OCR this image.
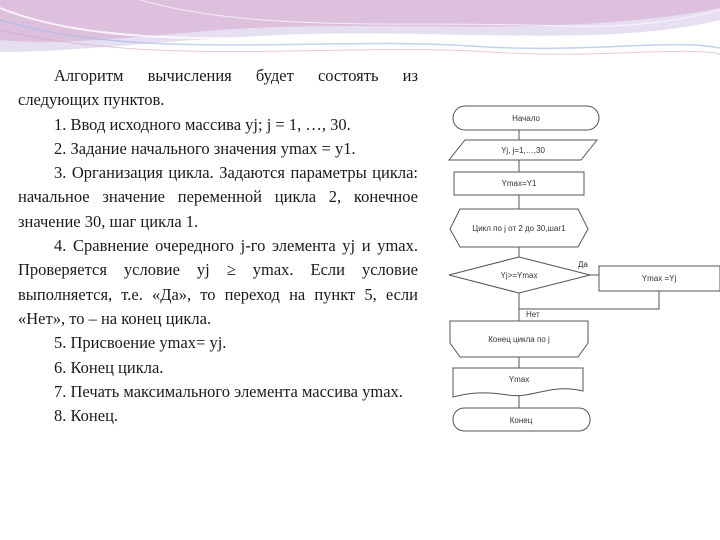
Алгоритм вычисления будет состоять из следующих пунктов.

1. Ввод исходного массива yj; j = 1, …, 30.

2. Задание начального значения ymax = y1.

3. Организация цикла. Задаются параметры цикла: начальное значение переменной цикла 2, конечное значение 30, шаг цикла 1.

4. Сравнение очередного j-го элемента yj и ymax. Проверяется условие yj ≥ ymax. Если условие выполняется, т.е. «Да», то переход на пункт 5, если «Нет», то – на конец цикла.

5. Присвоение ymax= yj.

6. Конец цикла.

7. Печать максимального элемента массива ymax.

8. Конец.

Начало
Yj, j=1,…,30
Ymax=Y1
Цикл по j от 2 до 30,шаг1
Yj>=Ymax
Да
Ymax =Yj
Нет
Конец цикла по j
Ymax
Конец
